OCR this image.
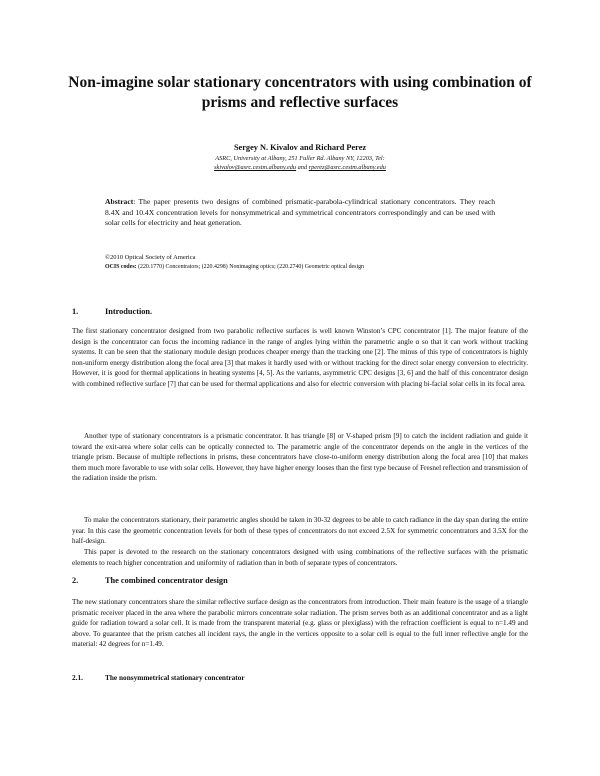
Non-imagine solar stationary concentrators with using combination of prisms and reflective surfaces
Sergey N. Kivalov and Richard Perez
ASRC, University at Albany, 251 Fuller Rd. Albany NY, 12203, Tel:
skivalov@asrc.cestm.albany.edu and rperez@asrc.cestm.albany.edu
Abstract: The paper presents two designs of combined prismatic-parabola-cylindrical stationary concentrators. They reach 8.4X and 10.4X concentration levels for nonsymmetrical and symmetrical concentrators correspondingly and can be used with solar cells for electricity and heat generation.
©2010 Optical Society of America
OCIS codes: (220.1770) Concentrators; (220.4298) Nonimaging optics; (220.2740) Geometric optical design
1.	Introduction.
The first stationary concentrator designed from two parabolic reflective surfaces is well known Winston’s CPC concentrator [1]. The major feature of the design is the concentrator can focus the incoming radiance in the range of angles lying within the parametric angle α so that it can work without tracking systems. It can be seen that the stationary module design produces cheaper energy than the tracking one [2]. The minus of this type of concentrators is highly non-uniform energy distribution along the focal area [3] that makes it hardly used with or without tracking for the direct solar energy conversion to electricity. However, it is good for thermal applications in heating systems [4, 5]. As the variants, asymmetric CPC designs [3, 6] and the half of this concentrator design with combined reflective surface [7] that can be used for thermal applications and also for electric conversion with placing bi-facial solar cells in its focal area.
Another type of stationary concentrators is a prismatic concentrator. It has triangle [8] or V-shaped prism [9] to catch the incident radiation and guide it toward the exit-area where solar cells can be optically connected to. The parametric angle of the concentrator depends on the angle in the vertices of the triangle prism. Because of multiple reflections in prisms, these concentrators have close-to-uniform energy distribution along the focal area [10] that makes them much more favorable to use with solar cells. However, they have higher energy looses than the first type because of Fresnel reflection and transmission of the radiation inside the prism.
To make the concentrators stationary, their parametric angles should be taken in 30-32 degrees to be able to catch radiance in the day span during the entire year. In this case the geometric concentration levels for both of these types of concentrators do not exceed 2.5X for symmetric concentrators and 3.5X for the half-design.
This paper is devoted to the research on the stationary concentrators designed with using combinations of the reflective surfaces with the prismatic elements to reach higher concentration and uniformity of radiation than in both of separate types of concentrators.
2.	The combined concentrator design
The new stationary concentrators share the similar reflective surface design as the concentrators from introduction. Their main feature is the usage of a triangle prismatic receiver placed in the area where the parabolic mirrors concentrate solar radiation. The prism serves both as an additional concentrator and as a light guide for radiation toward a solar cell. It is made from the transparent material (e.g. glass or plexiglass) with the refraction coefficient is equal to n=1.49 and above. To guarantee that the prism catches all incident rays, the angle in the vertices opposite to a solar cell is equal to the full inner reflective angle for the material: 42 degrees for n=1.49.
2.1.	The nonsymmetrical stationary concentrator
